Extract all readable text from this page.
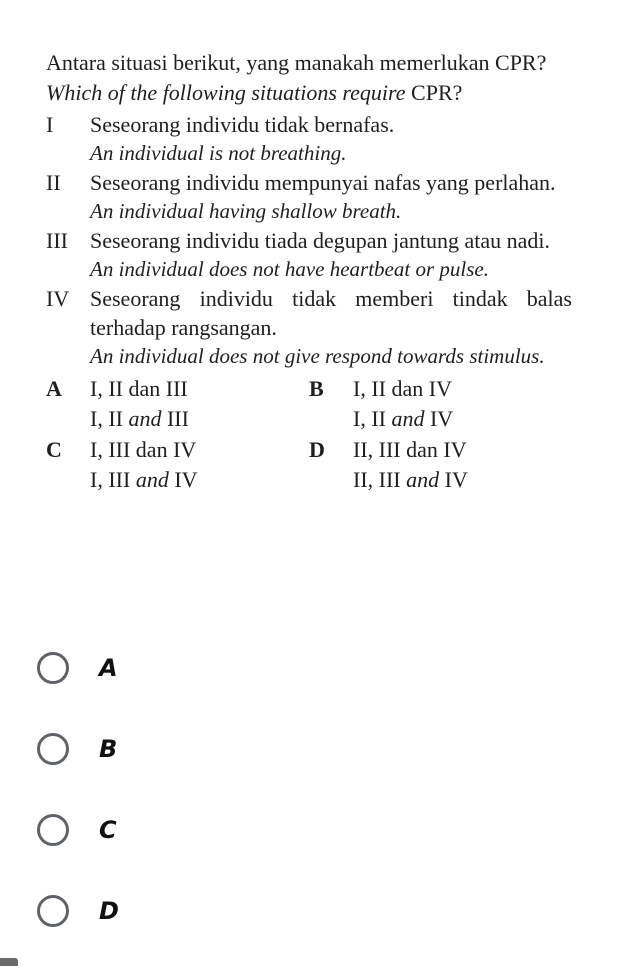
Antara situasi berikut, yang manakah memerlukan CPR?
Which of the following situations require CPR?
I	Seseorang individu tidak bernafas.
An individual is not breathing.
II	Seseorang individu mempunyai nafas yang perlahan.
An individual having shallow breath.
III	Seseorang individu tiada degupan jantung atau nadi.
An individual does not have heartbeat or pulse.
IV Seseorang individu tidak memberi tindak balas terhadap rangsangan.
An individual does not give respond towards stimulus.
A	I, II dan III
I, II and III
B	I, II dan IV
I, II and IV
C	I, III dan IV
I, III and IV
D	II, III dan IV
II, III and IV
A
B
C
D
